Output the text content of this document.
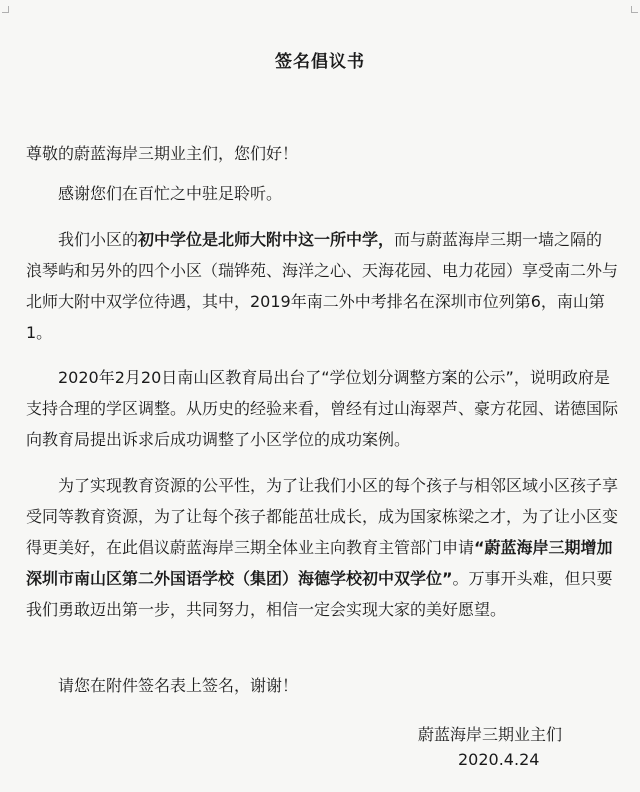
签名倡议书

尊敬的蔚蓝海岸三期业主们，您们好！

感谢您们在百忙之中驻足聆听。

我们小区的初中学位是北师大附中这一所中学，而与蔚蓝海岸三期一墙之隔的浪琴屿和另外的四个小区（瑞铧苑、海洋之心、天海花园、电力花园）享受南二外与北师大附中双学位待遇，其中，2019年南二外中考排名在深圳市位列第6，南山第1。

2020年2月20日南山区教育局出台了“学位划分调整方案的公示”，说明政府是支持合理的学区调整。从历史的经验来看，曾经有过山海翠芦、豪方花园、诺德国际向教育局提出诉求后成功调整了小区学位的成功案例。

为了实现教育资源的公平性，为了让我们小区的每个孩子与相邻区域小区孩子享受同等教育资源，为了让每个孩子都能茁壮成长，成为国家栋梁之才，为了让小区变得更美好，在此倡议蔚蓝海岸三期全体业主向教育主管部门申请“蔚蓝海岸三期增加深圳市南山区第二外国语学校（集团）海德学校初中双学位”。万事开头难，但只要我们勇敢迈出第一步，共同努力，相信一定会实现大家的美好愿望。

请您在附件签名表上签名，谢谢！

蔚蓝海岸三期业主们
2020.4.24
